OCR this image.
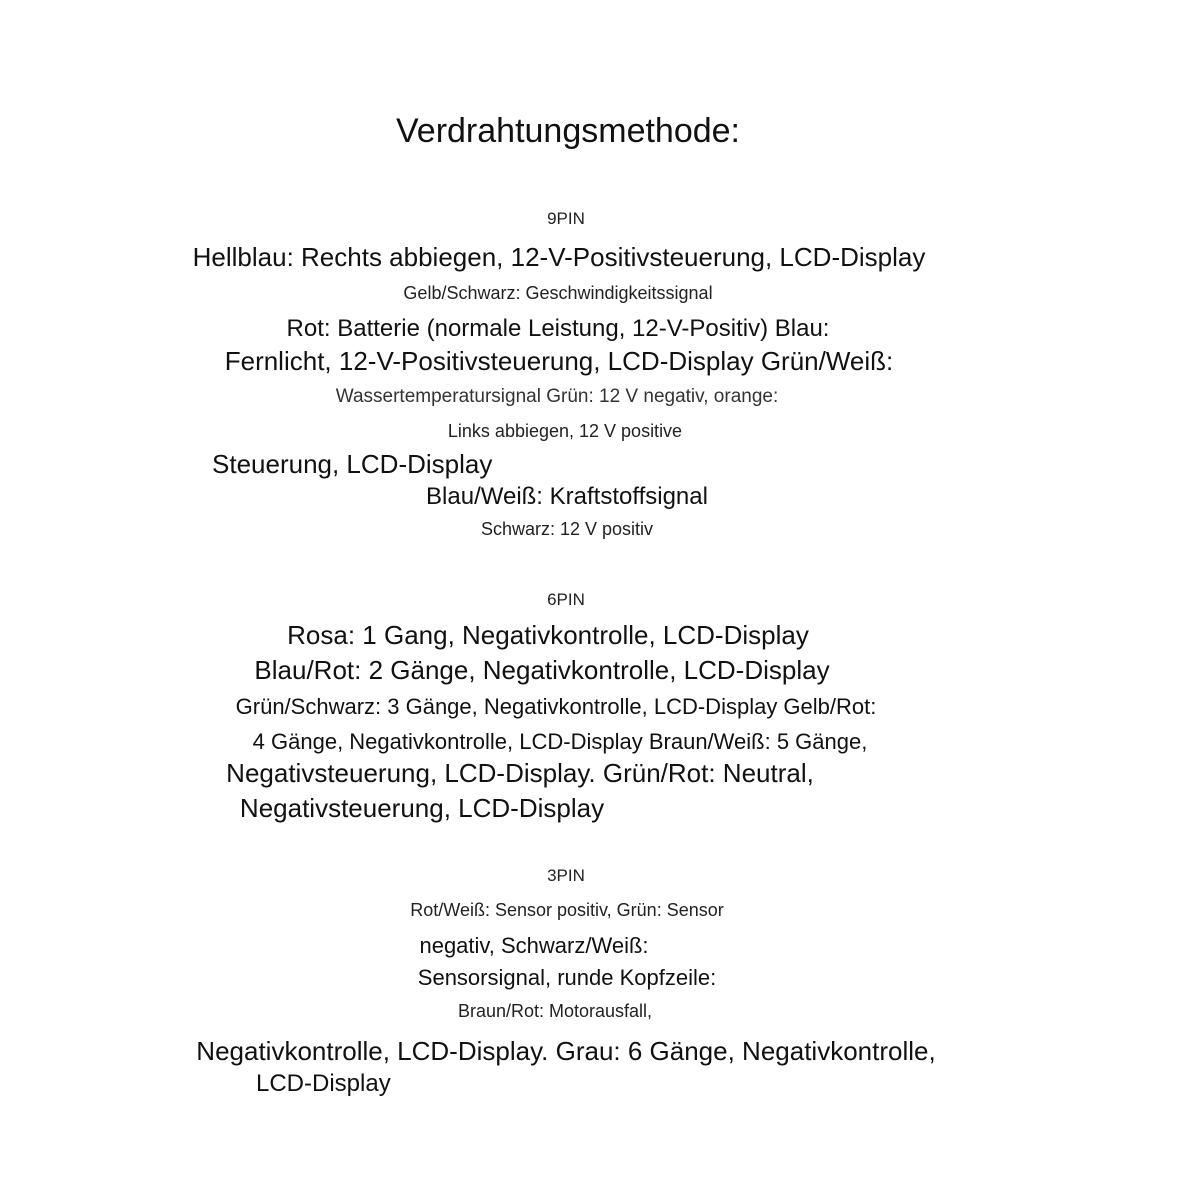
Verdrahtungsmethode:
9PIN
Hellblau: Rechts abbiegen, 12-V-Positivsteuerung, LCD-Display
Gelb/Schwarz: Geschwindigkeitssignal
Rot: Batterie (normale Leistung, 12-V-Positiv) Blau:
Fernlicht, 12-V-Positivsteuerung, LCD-Display Grün/Weiß:
Wassertemperatursignal Grün: 12 V negativ, orange:
Links abbiegen, 12 V positive
Steuerung, LCD-Display
Blau/Weiß: Kraftstoffsignal
Schwarz: 12 V positiv
6PIN
Rosa: 1 Gang, Negativkontrolle, LCD-Display
Blau/Rot: 2 Gänge, Negativkontrolle, LCD-Display
Grün/Schwarz: 3 Gänge, Negativkontrolle, LCD-Display Gelb/Rot:
4 Gänge, Negativkontrolle, LCD-Display Braun/Weiß: 5 Gänge,
Negativsteuerung, LCD-Display. Grün/Rot: Neutral,
Negativsteuerung, LCD-Display
3PIN
Rot/Weiß: Sensor positiv, Grün: Sensor
negativ, Schwarz/Weiß:
Sensorsignal, runde Kopfzeile:
Braun/Rot: Motorausfall,
Negativkontrolle, LCD-Display. Grau: 6 Gänge, Negativkontrolle,
LCD-Display
